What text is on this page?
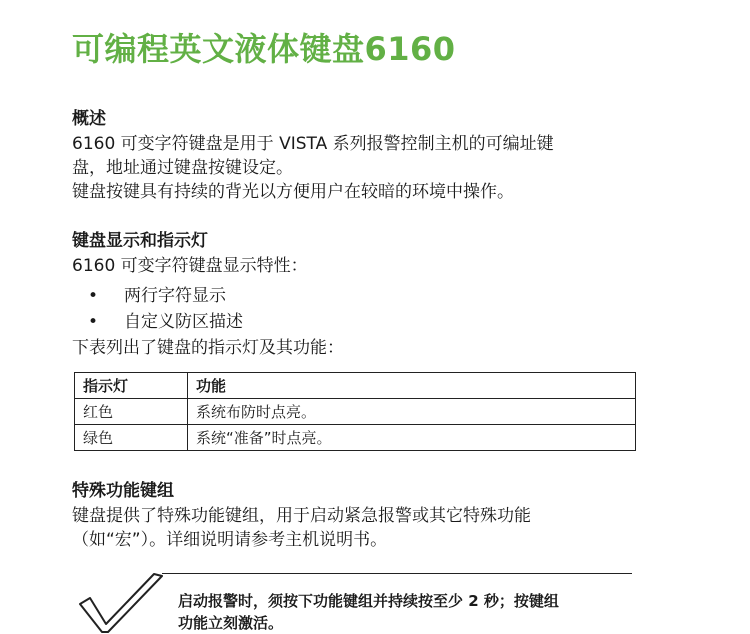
可编程英文液体键盘6160
概述
6160 可变字符键盘是用于 VISTA 系列报警控制主机的可编址键
盘，地址通过键盘按键设定。
键盘按键具有持续的背光以方便用户在较暗的环境中操作。
键盘显示和指示灯
6160 可变字符键盘显示特性：
• 两行字符显示
• 自定义防区描述
下表列出了键盘的指示灯及其功能：
指示灯	功能
红色	系统布防时点亮。
绿色	系统“准备”时点亮。
特殊功能键组
键盘提供了特殊功能键组，用于启动紧急报警或其它特殊功能
（如“宏”）。详细说明请参考主机说明书。
启动报警时，须按下功能键组并持续按至少 2 秒；按键组
功能立刻激活。
